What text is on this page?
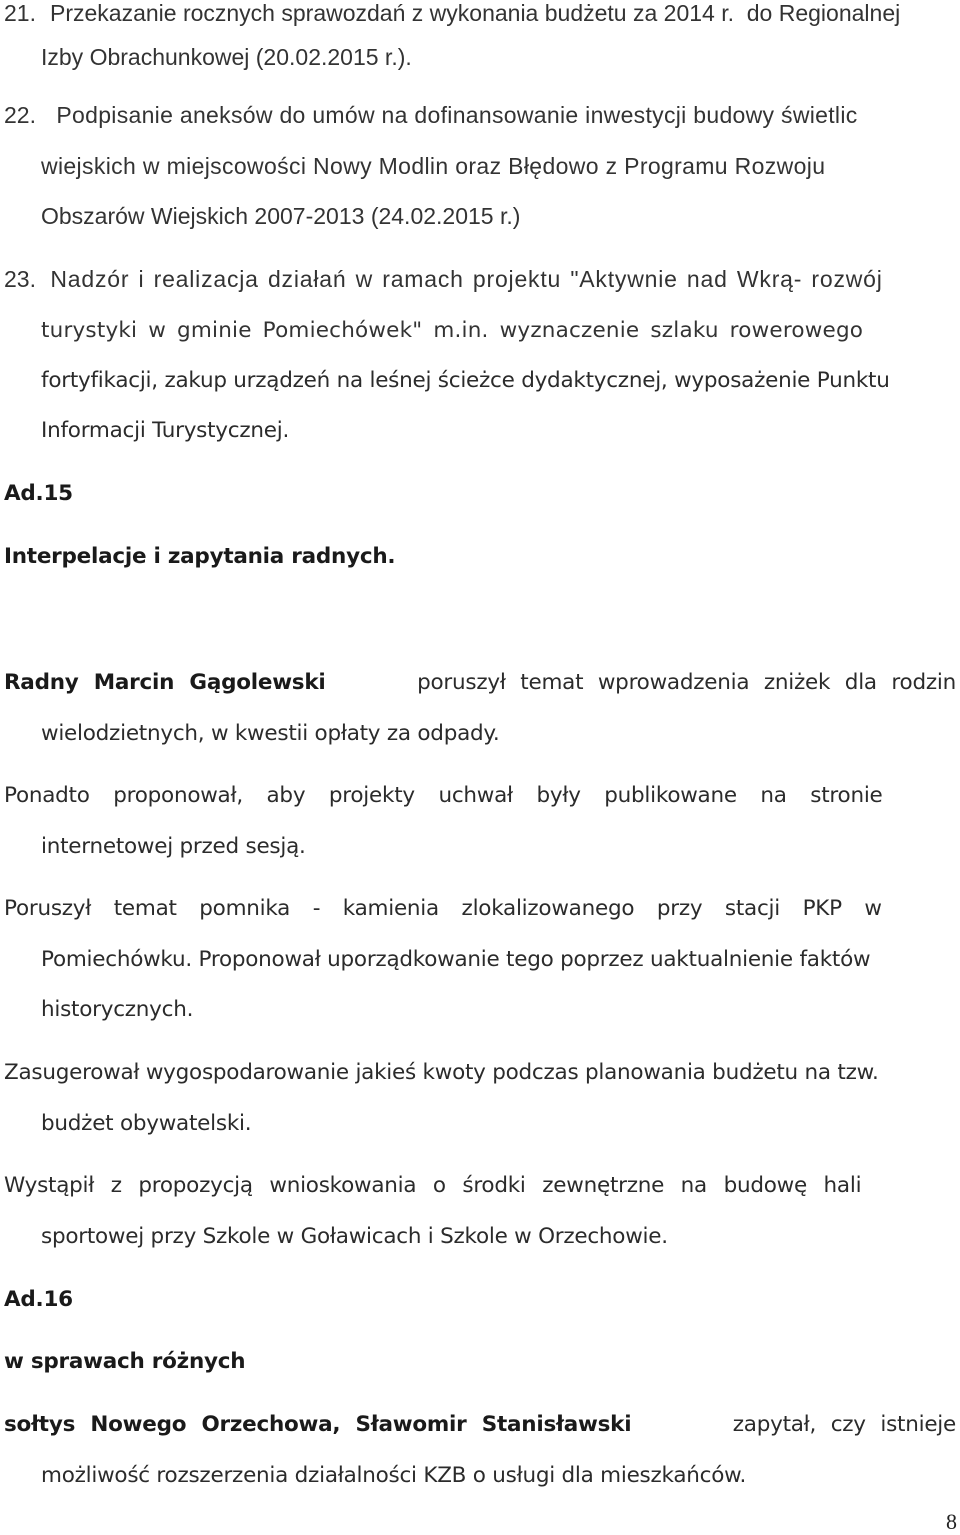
21. Przekazanie rocznych sprawozdań z wykonania budżetu za 2014 r.  do Regionalnej
Izby Obrachunkowej (20.02.2015 r.).
22. Podpisanie aneksów do umów na dofinansowanie inwestycji budowy świetlic
wiejskich w miejscowości Nowy Modlin oraz Błędowo z Programu Rozwoju
Obszarów Wiejskich 2007-2013 (24.02.2015 r.)
23. Nadzór i realizacja działań w ramach projektu "Aktywnie nad Wkrą- rozwój
turystyki w gminie Pomiechówek" m.in. wyznaczenie szlaku rowerowego
fortyfikacji, zakup urządzeń na leśnej ścieżce dydaktycznej, wyposażenie Punktu
Informacji Turystycznej.
Ad.15
Interpelacje i zapytania radnych.
Radny Marcin Gągolewski	poruszył temat wprowadzenia zniżek dla rodzin
wielodzietnych, w kwestii opłaty za odpady.
Ponadto proponował, aby projekty uchwał były publikowane na stronie
internetowej przed sesją.
Poruszył temat pomnika - kamienia zlokalizowanego przy stacji PKP w
Pomiechówku. Proponował uporządkowanie tego poprzez uaktualnienie faktów
historycznych.
Zasugerował wygospodarowanie jakieś kwoty podczas planowania budżetu na tzw.
budżet obywatelski.
Wystąpił z propozycją wnioskowania o środki zewnętrzne na budowę hali
sportowej przy Szkole w Goławicach i Szkole w Orzechowie.
Ad.16
w sprawach różnych
sołtys Nowego Orzechowa, Sławomir Stanisławski	zapytał, czy istnieje
możliwość rozszerzenia działalności KZB o usługi dla mieszkańców.
8
